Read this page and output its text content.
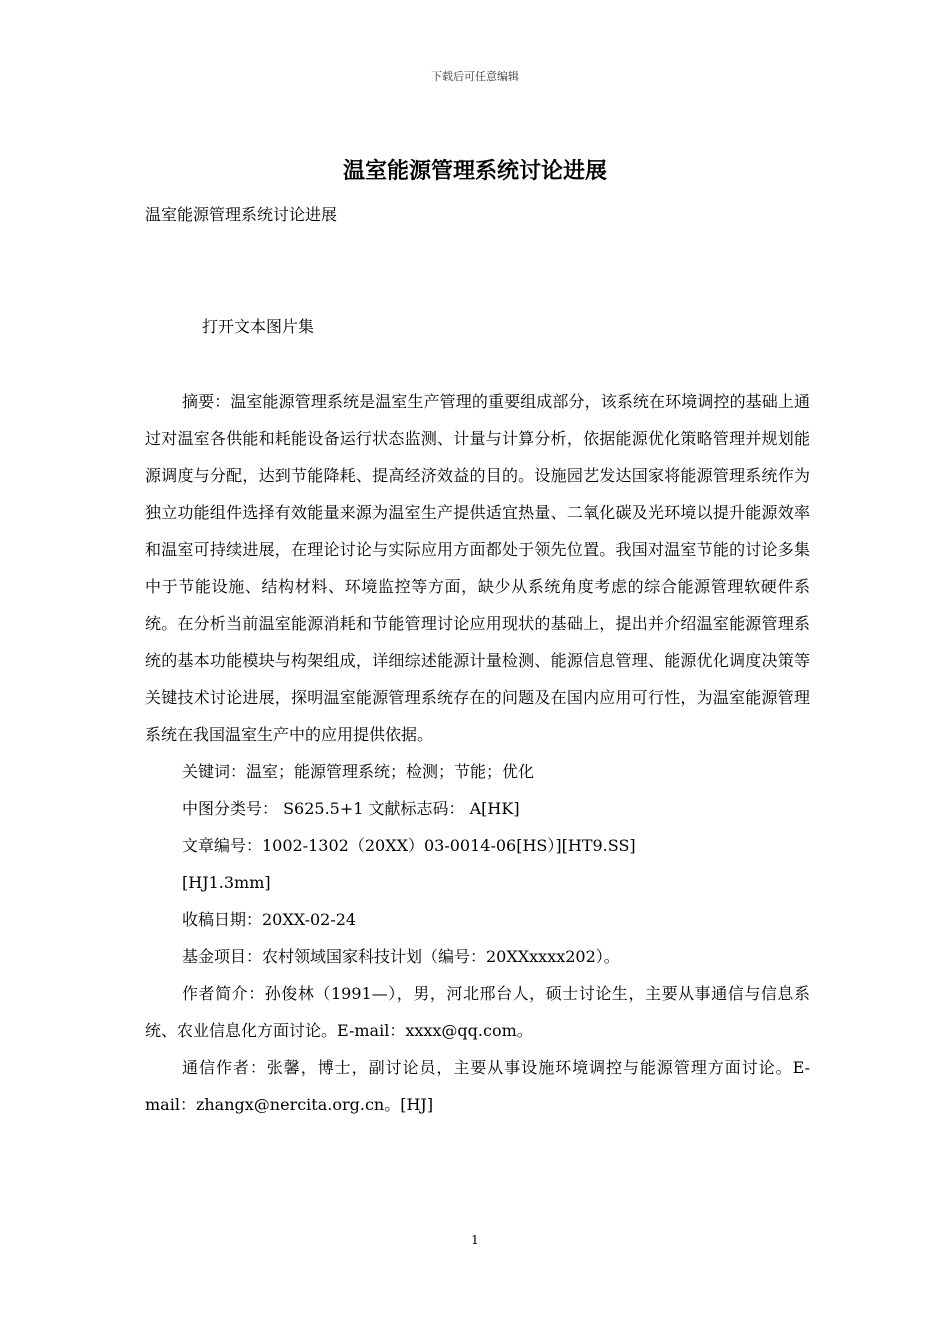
下载后可任意编辑
温室能源管理系统讨论进展
温室能源管理系统讨论进展
打开文本图片集

摘要：温室能源管理系统是温室生产管理的重要组成部分，该系统在环境调控的基础上通过对温室各供能和耗能设备运行状态监测、计量与计算分析，依据能源优化策略管理并规划能源调度与分配，达到节能降耗、提高经济效益的目的。设施园艺发达国家将能源管理系统作为独立功能组件选择有效能量来源为温室生产提供适宜热量、二氧化碳及光环境以提升能源效率和温室可持续进展，在理论讨论与实际应用方面都处于领先位置。我国对温室节能的讨论多集中于节能设施、结构材料、环境监控等方面，缺少从系统角度考虑的综合能源管理软硬件系统。在分析当前温室能源消耗和节能管理讨论应用现状的基础上，提出并介绍温室能源管理系统的基本功能模块与构架组成，详细综述能源计量检测、能源信息管理、能源优化调度决策等关键技术讨论进展，探明温室能源管理系统存在的问题及在国内应用可行性，为温室能源管理系统在我国温室生产中的应用提供依据。

关键词：温室；能源管理系统；检测；节能；优化

中图分类号： S625.5+1 文献标志码： A[HK]

文章编号：1002-1302（20XX）03-0014-06[HS）][HT9.SS]

[HJ1.3mm]

收稿日期：20XX-02-24

基金项目：农村领域国家科技计划（编号：20XXxxxx202）。

作者简介：孙俊林（1991—），男，河北邢台人，硕士讨论生，主要从事通信与信息系统、农业信息化方面讨论。E-mail：xxxx@qq.com。

通信作者：张馨，博士，副讨论员，主要从事设施环境调控与能源管理方面讨论。E-mail：zhangx@nercita.org.cn。[HJ]

1
